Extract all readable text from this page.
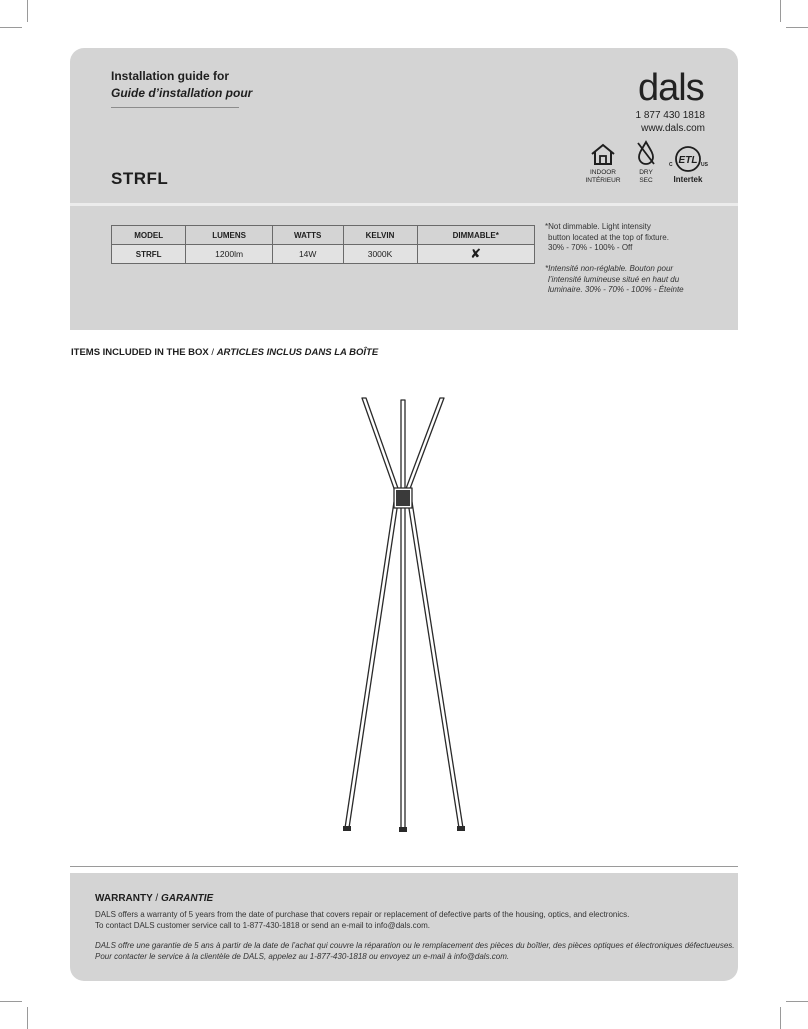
Installation guide for
Guide d’installation pour
STRFL
dals
1 877 430 1818
www.dals.com
INDOOR
INTÉRIEUR
DRY
SEC
ETL
C	US
Intertek
MODEL	LUMENS	WATTS	KELVIN	DIMMABLE*
STRFL	1200lm	14W	3000K	✘
*Not dimmable. Light intensity
button located at the top of fixture.
30% - 70% - 100% - Off
*Intensité non-réglable. Bouton pour
l’intensité lumineuse situé en haut du
luminaire. 30% - 70% - 100% - Éteinte
ITEMS INCLUDED IN THE BOX / ARTICLES INCLUS DANS LA BOÎTE
WARRANTY / GARANTIE
DALS offers a warranty of 5 years from the date of purchase that covers repair or replacement of defective parts of the housing, optics, and electronics.
To contact DALS customer service call to 1-877-430-1818 or send an e-mail to info@dals.com.
DALS offre une garantie de 5 ans à partir de la date de l’achat qui couvre la réparation ou le remplacement des pièces du boîtier, des pièces optiques et électroniques défectueuses.
Pour contacter le service à la clientèle de DALS, appelez au 1-877-430-1818 ou envoyez un e-mail à info@dals.com.
